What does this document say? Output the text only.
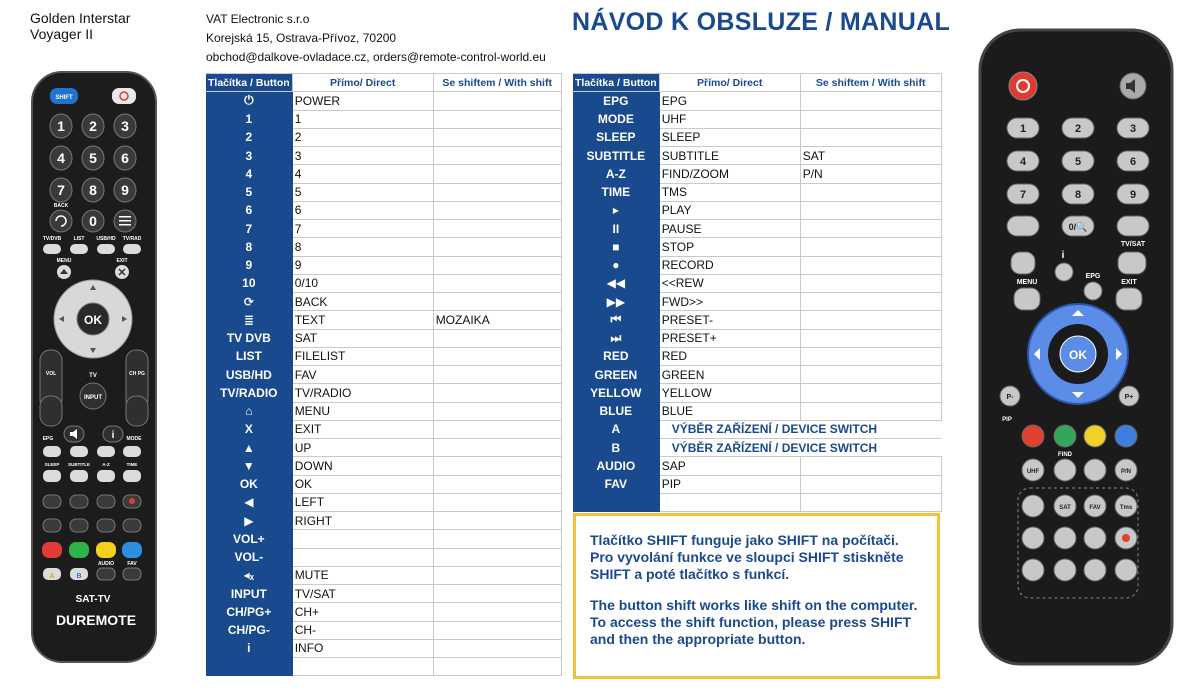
Golden Interstar
Voyager II
VAT Electronic s.r.o
Korejská 15, Ostrava-Přívoz, 70200
obchod@dalkove-ovladace.cz, orders@remote-control-world.eu
NÁVOD K OBSLUZE / MANUAL
Tlačítka / Button	Přímo/ Direct	Se shiftem / With shift
⏻	POWER	
1	1	
2	2	
3	3	
4	4	
5	5	
6	6	
7	7	
8	8	
9	9	
10	0/10	
⟳	BACK	
≣	TEXT	MOZAIKA
TV DVB	SAT	
LIST	FILELIST	
USB/HD	FAV	
TV/RADIO	TV/RADIO	
⌂	MENU	
X	EXIT	
▲	UP	
▼	DOWN	
OK	OK	
◀	LEFT	
▶	RIGHT	
VOL+		
VOL-		
◂ₓ	MUTE	
INPUT	TV/SAT	
CH/PG+	CH+	
CH/PG-	CH-	
i	INFO	

Tlačítka / Button	Přímo/ Direct	Se shiftem / With shift
EPG	EPG	
MODE	UHF	
SLEEP	SLEEP	
SUBTITLE	SUBTITLE	SAT
A-Z	FIND/ZOOM	P/N
TIME	TMS	
▸	PLAY	
II	PAUSE	
■	STOP	
●	RECORD	
◀◀	<<REW	
▶▶	FWD>>	
⏮	PRESET-	
⏭	PRESET+	
RED	RED	
GREEN	GREEN	
YELLOW	YELLOW	
BLUE	BLUE	
A	VÝBĚR ZAŘÍZENÍ / DEVICE SWITCH	
B	VÝBĚR ZAŘÍZENÍ / DEVICE SWITCH	
AUDIO	SAP	
FAV	PIP	

Tlačítko SHIFT funguje jako SHIFT na počítači. Pro vyvolání funkce ve sloupci SHIFT stiskněte SHIFT a poté tlačítko s funkcí.

The button shift works like shift on the computer. To access the shift function, please press SHIFT and then the appropriate button.

SHIFT
1 2 3
4 5 6
7 8 9
BACK
0
TV/DVB LIST USB/HD TV/RAD
MENU	EXIT
OK
VOL	CH PG
TV
INPUT
EPG	MODE
i
SLEEP SUBTITLE	A-Z	TIME
AUDIO	FAV
A	B
SAT-TV
DUREMOTE
1	2	3
4	5	6
7	8	9
0/🔍
TV/SAT
i
EPG
MENU	EXIT
OK
P-	P+
PIP
FIND
UHF	P/N
SAT	FAV	Tms
